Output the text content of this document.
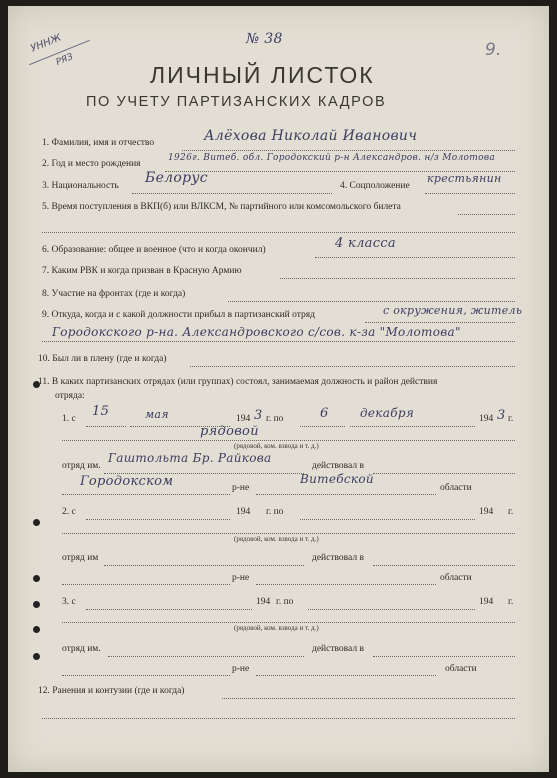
УННЖ
РЯЗ
№ 38
9.
ЛИЧНЫЙ ЛИСТОК
ПО УЧЕТУ ПАРТИЗАНСКИХ КАДРОВ
1. Фамилия, имя и отчество	Алёхова Николай Иванович
2. Год и место рождения
1926г. Витеб. обл. Городокский р-н Александров. н/з Молотова
3. Национальность Белорус	4. Соцположение
крестьянин
5. Время поступления в ВКП(б) или ВЛКСМ, № партийного или комсомольского билета
6. Образование: общее и военное (что и когда окончил)	4 класса
7. Каким РВК и когда призван в Красную Армию
8. Участие на фронтах (где и когда)
9. Откуда, когда и с какой должности прибыл в партизанский отряд	с окружения, житель
Городокского р-на. Александровского с/сов. к-за "Молотова"
10. Был ли в плену (где и когда)
11. В каких партизанских отрядах (или группах) состоял, занимаемая должность и район действия
отряда:
1. с 15	мая	194 3 г. по	6	декабря	194 3 г.
рядовой
(рядовой, ком. взвода и т. д.)
отряд им.
Гаштольта Бр. Райкова
действовал в
Городокском	р-не
Витебской
области
2. с	194 г. по	194 г.
(рядовой, ком. взвода и т. д.)
отряд им	действовал в
р-не	области
3. с	194 г. по	194 г.
(рядовой, ком. взвода и т. д.)
отряд им.	действовал в
р-не	области
12. Ранения и контузии (где и когда)
